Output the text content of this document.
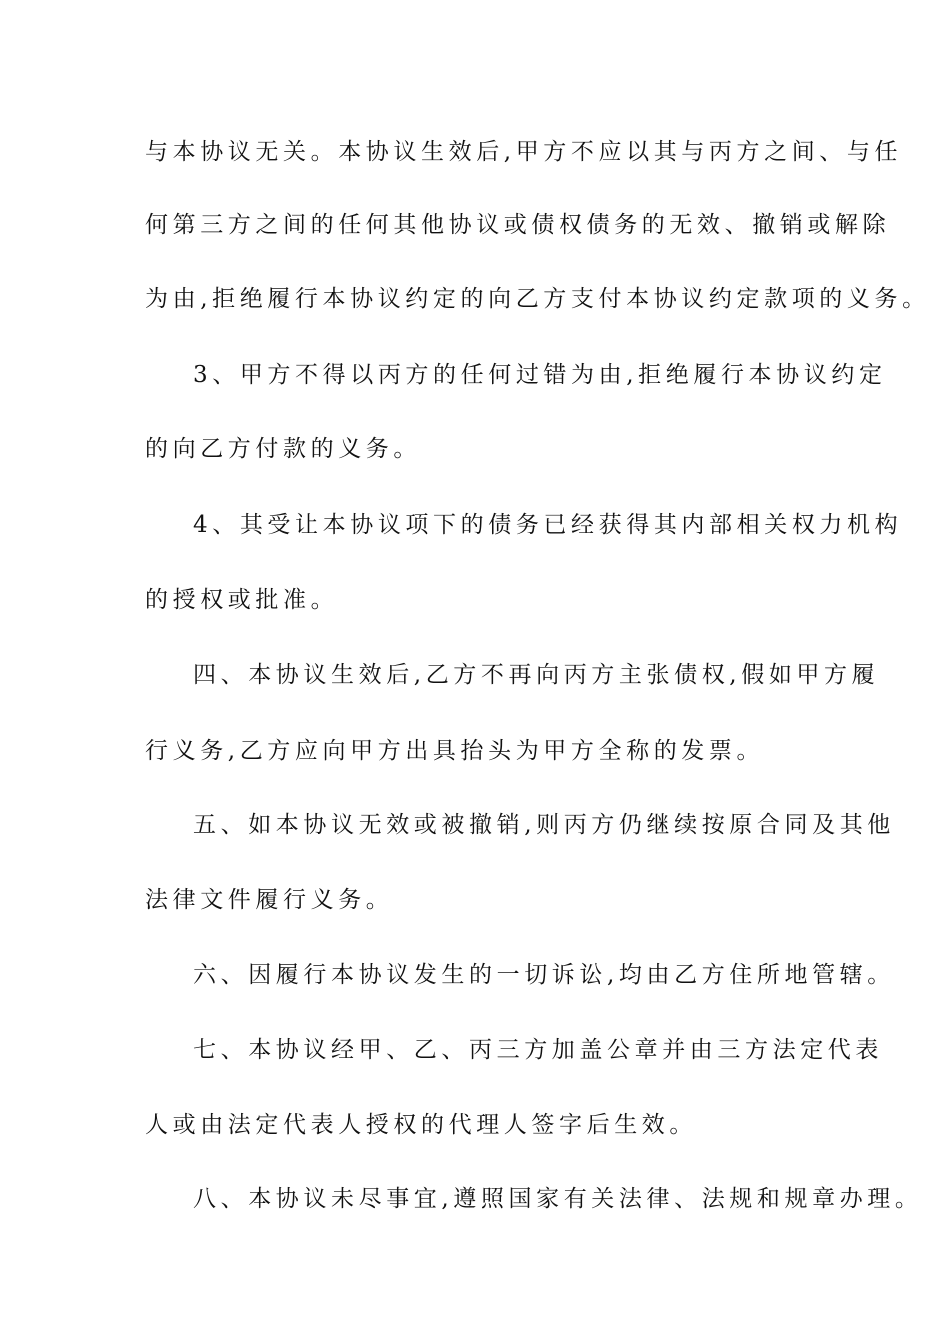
与本协议无关。本协议生效后,甲方不应以其与丙方之间、与任
何第三方之间的任何其他协议或债权债务的无效、撤销或解除
为由,拒绝履行本协议约定的向乙方支付本协议约定款项的义务。
3、甲方不得以丙方的任何过错为由,拒绝履行本协议约定
的向乙方付款的义务。
4、其受让本协议项下的债务已经获得其内部相关权力机构
的授权或批准。
四、本协议生效后,乙方不再向丙方主张债权,假如甲方履
行义务,乙方应向甲方出具抬头为甲方全称的发票。
五、如本协议无效或被撤销,则丙方仍继续按原合同及其他
法律文件履行义务。
六、因履行本协议发生的一切诉讼,均由乙方住所地管辖。
七、本协议经甲、乙、丙三方加盖公章并由三方法定代表
人或由法定代表人授权的代理人签字后生效。
八、本协议未尽事宜,遵照国家有关法律、法规和规章办理。
